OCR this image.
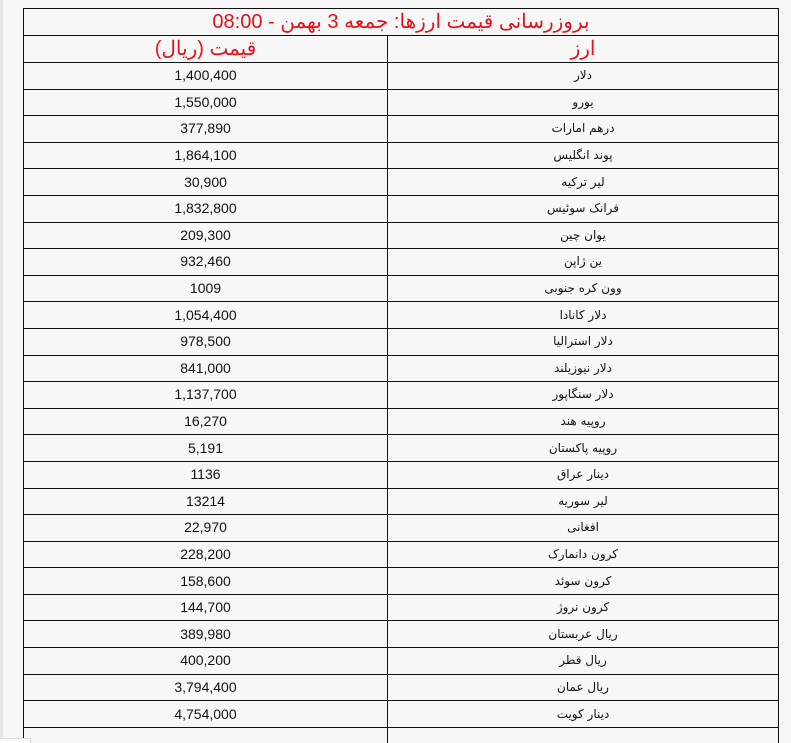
بروزرسانی قیمت ارزها: جمعه 3 بهمن - 08:00	
ارز	قیمت (ریال)
دلار	1,400,400
یورو	1,550,000
درهم امارات	377,890
پوند انگلیس	1,864,100
لیر ترکیه	30,900
فرانک سوئیس	1,832,800
یوان چین	209,300
ین ژاپن	932,460
وون کره جنوبی	1009
دلار کانادا	1,054,400
دلار استرالیا	978,500
دلار نیوزیلند	841,000
دلار سنگاپور	1,137,700
روپیه هند	16,270
روپیه پاکستان	5,191
دینار عراق	1136
لیر سوریه	13214
افغانی	22,970
کرون دانمارک	228,200
کرون سوئد	158,600
کرون نروژ	144,700
ریال عربستان	389,980
ریال قطر	400,200
ریال عمان	3,794,400
دینار کویت	4,754,000
